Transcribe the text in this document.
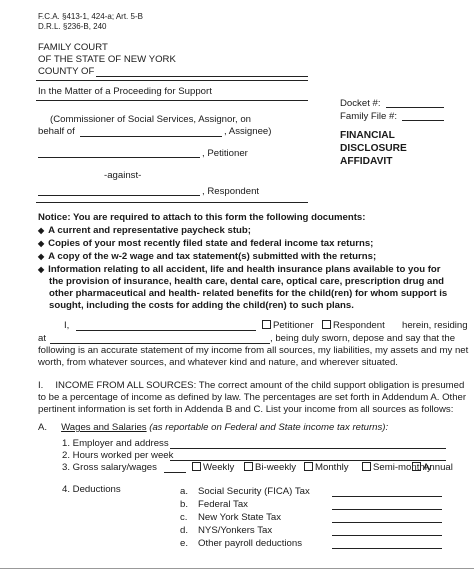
F.C.A. §413-1, 424-a; Art. 5-B
D.R.L. §236-B, 240
FAMILY COURT
OF THE STATE OF NEW YORK
COUNTY OF
In the Matter of a Proceeding for Support
(Commissioner of Social Services, Assignor, on
behalf of	, Assignee)
, Petitioner
-against-
, Respondent
Docket #:
Family File #:
FINANCIAL
DISCLOSURE
AFFIDAVIT
Notice: You are required to attach to this form the following documents:
◆ A current and representative paycheck stub;
◆ Copies of your most recently filed state and federal income tax returns;
◆ A copy of the w-2 wage and tax statement(s) submitted with the returns;
◆ Information relating to all accident, life and health insurance plans available to you for
the provision of insurance, health care, dental care, optical care, prescription drug and
other pharmaceutical and health- related benefits for the child(ren) for whom support is
sought, including the costs for adding the child(ren) to such plans.
I,	Petitioner	Respondent herein, residing
at	, being duly sworn, depose and say that the
following is an accurate statement of my income from all sources, my liabilities, my assets and my net
worth, from whatever sources, and whatever kind and nature, and wherever situated.
I. INCOME FROM ALL SOURCES: The correct amount of the child support obligation is presumed
to be a percentage of income as defined by law. The percentages are set forth in Addendum A. Other
pertinent information is set forth in Addenda B and C. List your income from all sources as follows:
A. Wages and Salaries (as reportable on Federal and State income tax returns):
1. Employer and address
2. Hours worked per week
3. Gross salary/wages	Weekly	Bi-weekly	Monthly	Semi-monthly
Annual
4. Deductions	a. Social Security (FICA) Tax
b. Federal Tax
c. New York State Tax
d. NYS/Yonkers Tax
e. Other payroll deductions
